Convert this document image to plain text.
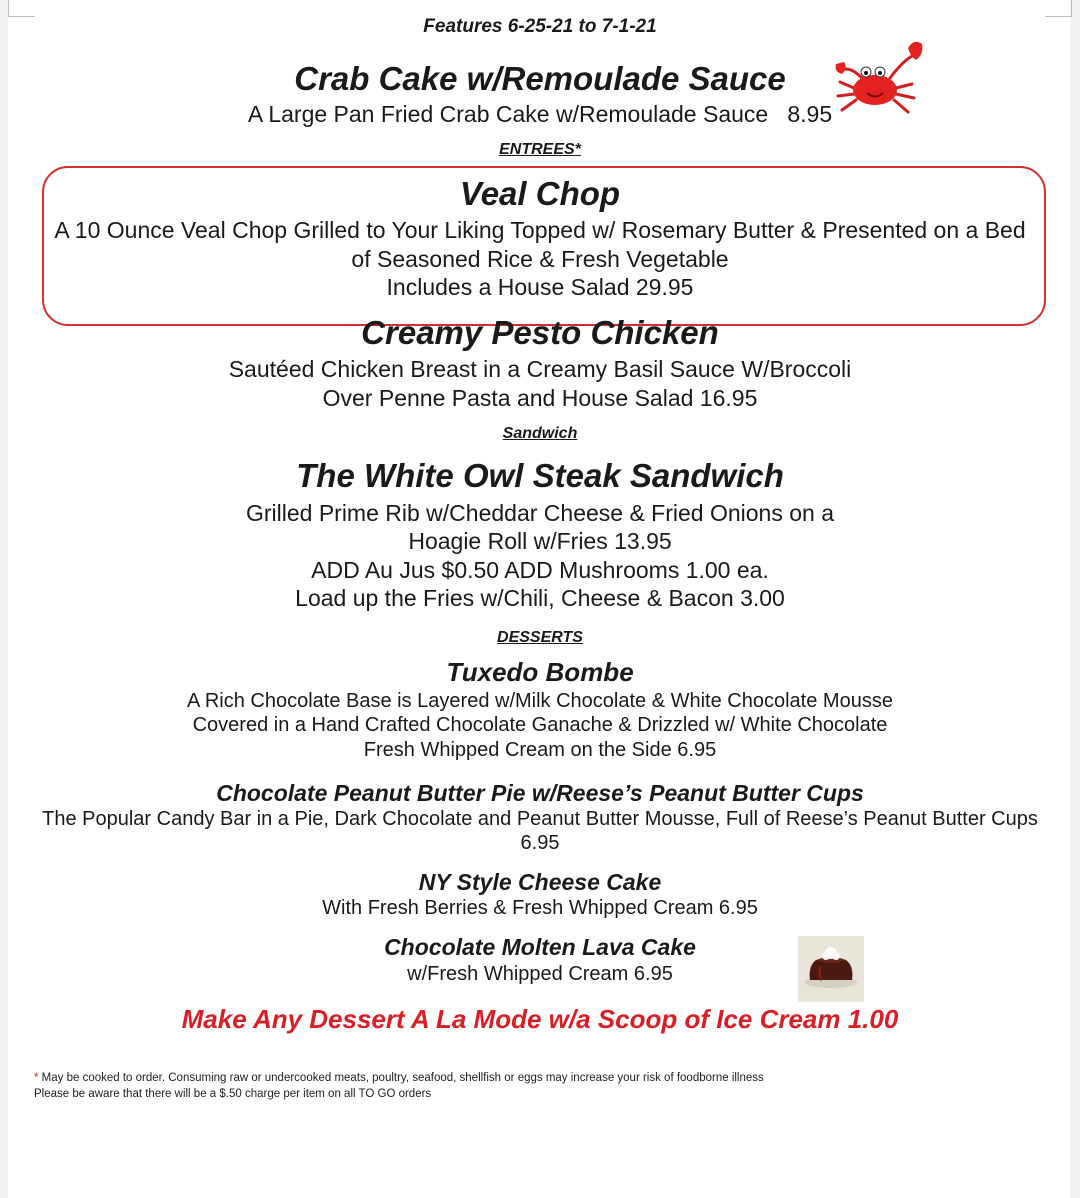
Features 6-25-21 to 7-1-21
Crab Cake w/Remoulade Sauce
A Large Pan Fried Crab Cake w/Remoulade Sauce 8.95
ENTREES*
Veal Chop
A 10 Ounce Veal Chop Grilled to Your Liking Topped w/ Rosemary Butter & Presented on a Bed
of Seasoned Rice & Fresh Vegetable
Includes a House Salad 29.95
Creamy Pesto Chicken
Sautéed Chicken Breast in a Creamy Basil Sauce W/Broccoli
Over Penne Pasta and House Salad 16.95
Sandwich
The White Owl Steak Sandwich
Grilled Prime Rib w/Cheddar Cheese & Fried Onions on a
Hoagie Roll w/Fries 13.95
ADD Au Jus $0.50 ADD Mushrooms 1.00 ea.
Load up the Fries w/Chili, Cheese & Bacon 3.00
DESSERTS
Tuxedo Bombe
A Rich Chocolate Base is Layered w/Milk Chocolate & White Chocolate Mousse
Covered in a Hand Crafted Chocolate Ganache & Drizzled w/ White Chocolate
Fresh Whipped Cream on the Side 6.95
Chocolate Peanut Butter Pie w/Reese’s Peanut Butter Cups
The Popular Candy Bar in a Pie, Dark Chocolate and Peanut Butter Mousse, Full of Reese’s Peanut Butter Cups
6.95
NY Style Cheese Cake
With Fresh Berries & Fresh Whipped Cream 6.95
Chocolate Molten Lava Cake
w/Fresh Whipped Cream 6.95
Make Any Dessert A La Mode w/a Scoop of Ice Cream 1.00
* May be cooked to order. Consuming raw or undercooked meats, poultry, seafood, shellfish or eggs may increase your risk of foodborne illness
Please be aware that there will be a $.50 charge per item on all TO GO orders
